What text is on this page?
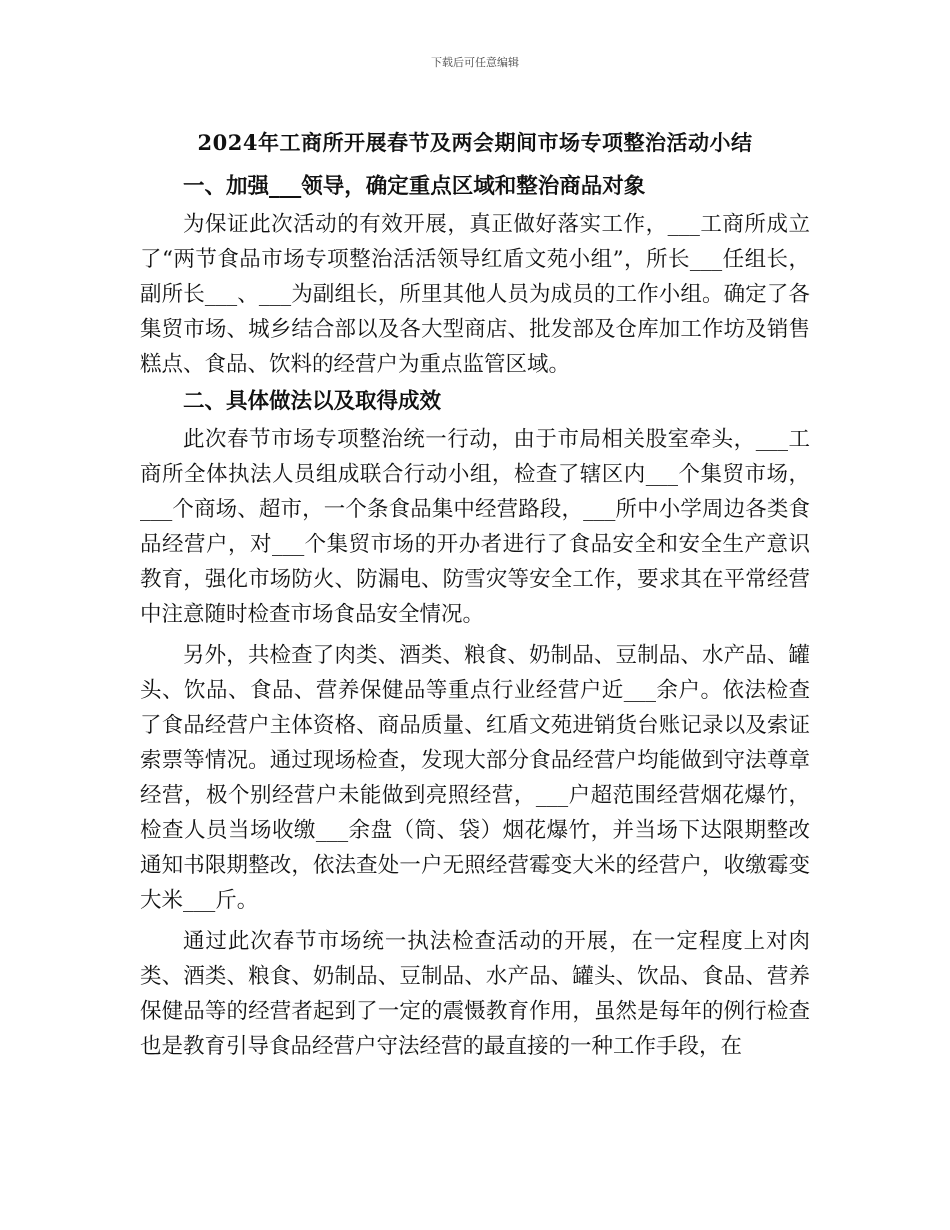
下载后可任意编辑
2024年工商所开展春节及两会期间市场专项整治活动小结
一、加强___领导，确定重点区域和整治商品对象

为保证此次活动的有效开展，真正做好落实工作，___工商所成立了“两节食品市场专项整治活活领导红盾文苑小组”，所长___任组长，副所长___、___为副组长，所里其他人员为成员的工作小组。确定了各集贸市场、城乡结合部以及各大型商店、批发部及仓库加工作坊及销售糕点、食品、饮料的经营户为重点监管区域。

二、具体做法以及取得成效

此次春节市场专项整治统一行动，由于市局相关股室牵头，___工商所全体执法人员组成联合行动小组，检查了辖区内___个集贸市场，___个商场、超市，一个条食品集中经营路段，___所中小学周边各类食品经营户，对___个集贸市场的开办者进行了食品安全和安全生产意识教育，强化市场防火、防漏电、防雪灾等安全工作，要求其在平常经营中注意随时检查市场食品安全情况。

另外，共检查了肉类、酒类、粮食、奶制品、豆制品、水产品、罐头、饮品、食品、营养保健品等重点行业经营户近___余户。依法检查了食品经营户主体资格、商品质量、红盾文苑进销货台账记录以及索证索票等情况。通过现场检查，发现大部分食品经营户均能做到守法尊章经营，极个别经营户未能做到亮照经营，___户超范围经营烟花爆竹，检查人员当场收缴___余盘（筒、袋）烟花爆竹，并当场下达限期整改通知书限期整改，依法查处一户无照经营霉变大米的经营户，收缴霉变大米___斤。

通过此次春节市场统一执法检查活动的开展，在一定程度上对肉类、酒类、粮食、奶制品、豆制品、水产品、罐头、饮品、食品、营养保健品等的经营者起到了一定的震慑教育作用，虽然是每年的例行检查也是教育引导食品经营户守法经营的最直接的一种工作手段，在
